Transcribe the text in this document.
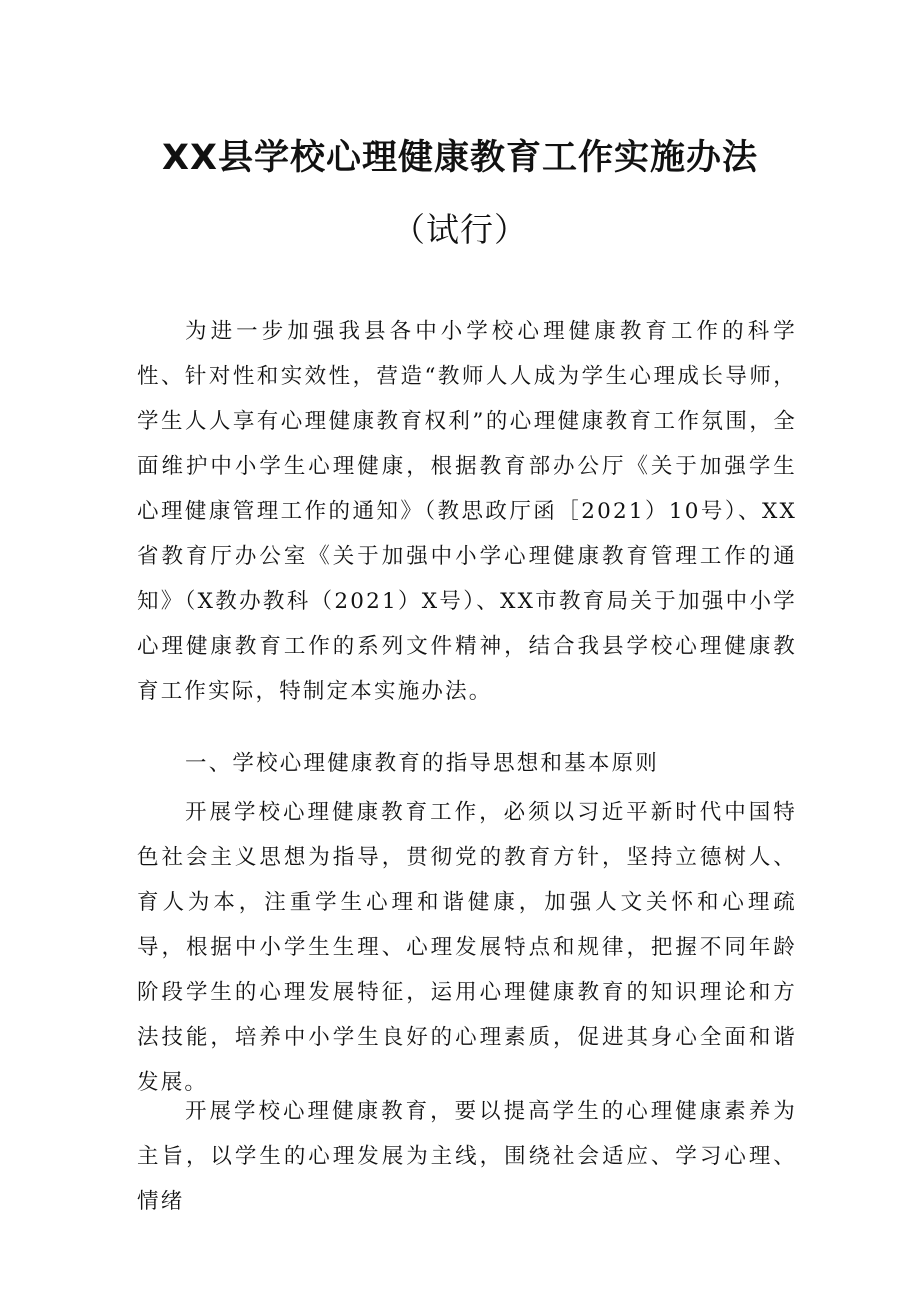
XX县学校心理健康教育工作实施办法
（试行）

为进一步加强我县各中小学校心理健康教育工作的科学性、针对性和实效性，营造“教师人人成为学生心理成长导师，学生人人享有心理健康教育权利”的心理健康教育工作氛围，全面维护中小学生心理健康，根据教育部办公厅《关于加强学生心理健康管理工作的通知》（教思政厅函［2021）10号）、XX省教育厅办公室《关于加强中小学心理健康教育管理工作的通知》（X教办教科（2021）X号）、XX市教育局关于加强中小学心理健康教育工作的系列文件精神，结合我县学校心理健康教育工作实际，特制定本实施办法。

一、学校心理健康教育的指导思想和基本原则

开展学校心理健康教育工作，必须以习近平新时代中国特色社会主义思想为指导，贯彻党的教育方针，坚持立德树人、育人为本，注重学生心理和谐健康，加强人文关怀和心理疏导，根据中小学生生理、心理发展特点和规律，把握不同年龄阶段学生的心理发展特征，运用心理健康教育的知识理论和方法技能，培养中小学生良好的心理素质，促进其身心全面和谐发展。

开展学校心理健康教育，要以提高学生的心理健康素养为主旨，以学生的心理发展为主线，围绕社会适应、学习心理、情绪
